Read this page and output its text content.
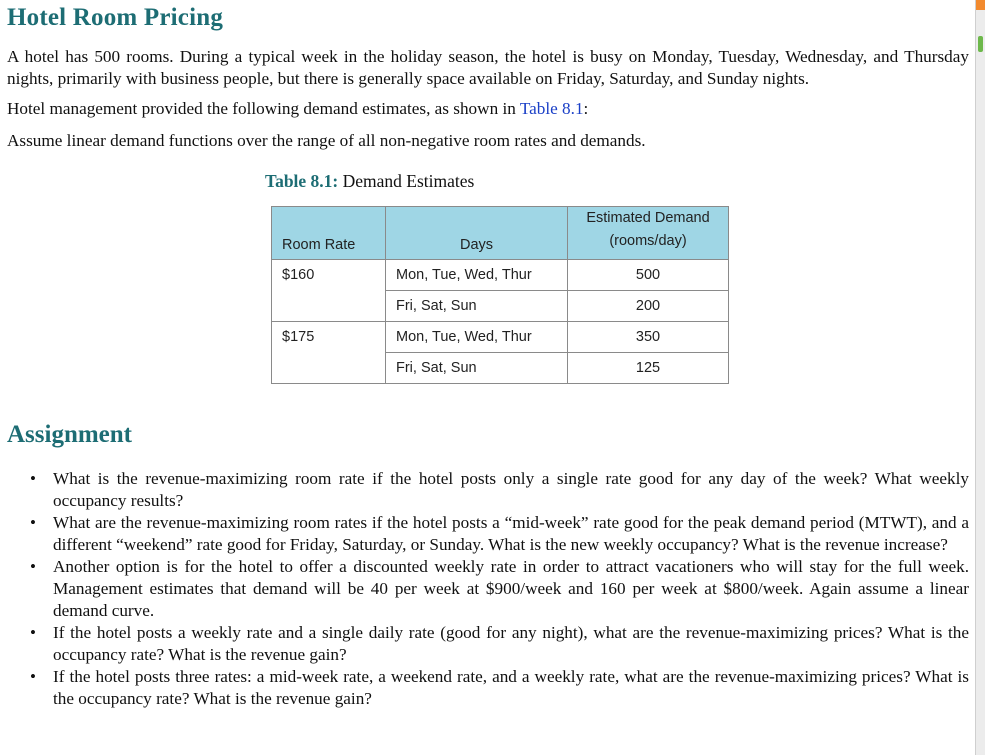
Hotel Room Pricing

A hotel has 500 rooms. During a typical week in the holiday season, the hotel is busy on Monday, Tuesday, Wednesday, and Thursday nights, primarily with business people, but there is generally space available on Friday, Saturday, and Sunday nights.

Hotel management provided the following demand estimates, as shown in Table 8.1:

Assume linear demand functions over the range of all non-negative room rates and demands.

Table 8.1: Demand Estimates
Room Rate	Days	Estimated Demand
(rooms/day)

$160	Mon, Tue, Wed, Thur	500
	Fri, Sat, Sun	200
$175	Mon, Tue, Wed, Thur	350
	Fri, Sat, Sun	125
Assignment
• What is the revenue-maximizing room rate if the hotel posts only a single rate good for any day of the week? What weekly occupancy results?
• What are the revenue-maximizing room rates if the hotel posts a “mid-week” rate good for the peak demand period (MTWT), and a different “weekend” rate good for Friday, Saturday, or Sunday. What is the new weekly occupancy? What is the revenue increase?
• Another option is for the hotel to offer a discounted weekly rate in order to attract vacationers who will stay for the full week. Management estimates that demand will be 40 per week at $900/week and 160 per week at $800/week. Again assume a linear demand curve.
• If the hotel posts a weekly rate and a single daily rate (good for any night), what are the revenue-maximizing prices? What is the occupancy rate? What is the revenue gain?
• If the hotel posts three rates: a mid-week rate, a weekend rate, and a weekly rate, what are the revenue-maximizing prices? What is the occupancy rate? What is the revenue gain?
